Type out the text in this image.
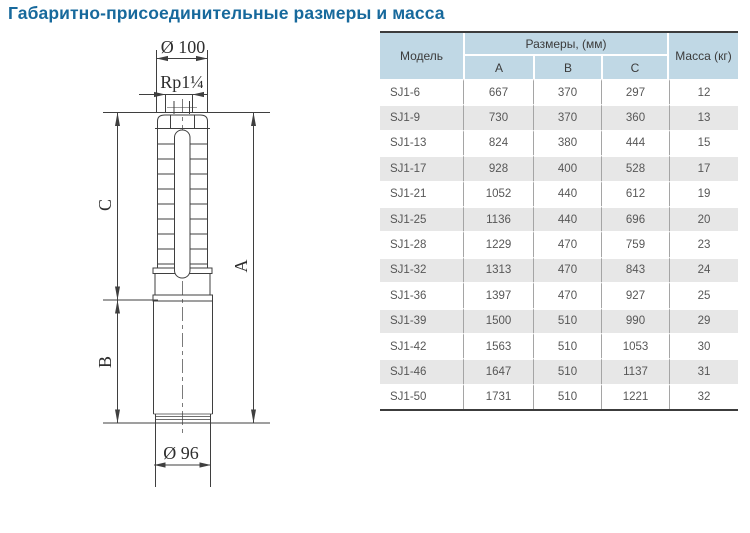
Габаритно-присоединительные размеры и масса
Ø 100
Rp1¼
C
B
A
Ø 96
Модель	Размеры, (мм)			Масса (кг)
	A	B	C	
SJ1-6	667	370	297	12
SJ1-9	730	370	360	13
SJ1-13	824	380	444	15
SJ1-17	928	400	528	17
SJ1-21	1052	440	612	19
SJ1-25	1136	440	696	20
SJ1-28	1229	470	759	23
SJ1-32	1313	470	843	24
SJ1-36	1397	470	927	25
SJ1-39	1500	510	990	29
SJ1-42	1563	510	1053	30
SJ1-46	1647	510	1137	31
SJ1-50	1731	510	1221	32
